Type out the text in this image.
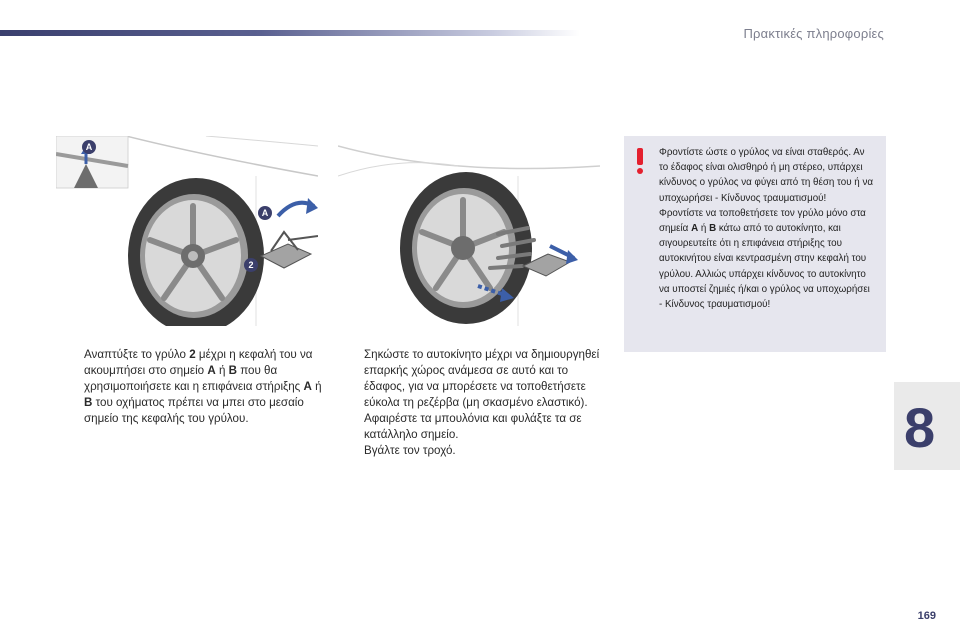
Πρακτικές πληροφορίες
A
A
2

Φροντίστε ώστε ο γρύλος να είναι σταθερός. Αν το έδαφος είναι ολισθηρό ή μη στέρεο, υπάρχει κίνδυνος ο γρύλος να φύγει από τη θέση του ή να υποχωρήσει - Κίνδυνος τραυματισμού!

Φροντίστε να τοποθετήσετε τον γρύλο μόνο στα σημεία A ή B κάτω από το αυτοκίνητο, και σιγουρευτείτε ότι η επιφάνεια στήριξης του αυτοκινήτου είναι κεντρασμένη στην κεφαλή του γρύλου. Αλλιώς υπάρχει κίνδυνος το αυτοκίνητο να υποστεί ζημιές ή/και ο γρύλος να υποχωρήσει - Κίνδυνος τραυματισμού!

Αναπτύξτε το γρύλο 2 μέχρι η κεφαλή του να ακουμπήσει στο σημείο A ή B που θα χρησιμοποιήσετε και η επιφάνεια στήριξης A ή B του οχήματος πρέπει να μπει στο μεσαίο σημείο της κεφαλής του γρύλου.

Σηκώστε το αυτοκίνητο μέχρι να δημιουργηθεί επαρκής χώρος ανάμεσα σε αυτό και το έδαφος, για να μπορέσετε να τοποθετήσετε εύκολα τη ρεζέρβα (μη σκασμένο ελαστικό).

Αφαιρέστε τα μπουλόνια και φυλάξτε τα σε κατάλληλο σημείο.

Βγάλτε τον τροχό.	8
169
